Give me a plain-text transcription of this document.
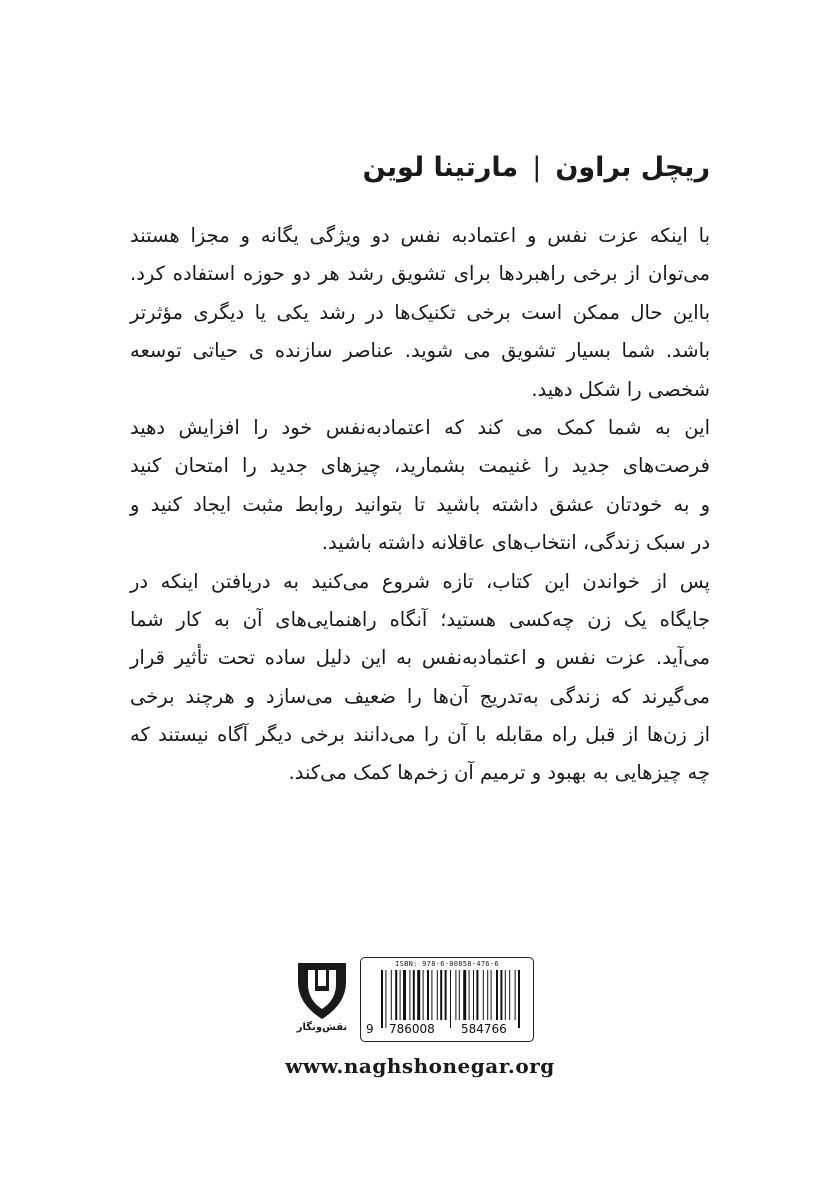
ریچل براون|مارتینا لوین
با اینکه عزت نفس و اعتمادبه نفس دو ویژگی یگانه و مجزا هستند
می‌توان از برخی راهبردها برای تشویق رشد هر دو حوزه استفاده کرد.
بااین حال ممکن است برخی تکنیک‌ها در رشد یکی یا دیگری مؤثرتر
باشد. شما بسیار تشویق می شوید. عناصر سازنده ی حیاتی توسعه
شخصی را شکل دهید.
این به شما کمک می کند که اعتمادبه‌نفس خود را افزایش دهید
فرصت‌های جدید را غنیمت بشمارید، چیزهای جدید را امتحان کنید
و به خودتان عشق داشته باشید تا بتوانید روابط مثبت ایجاد کنید و
در سبک زندگی، انتخاب‌های عاقلانه داشته باشید.
پس از خواندن این کتاب، تازه شروع می‌کنید به دریافتن اینکه در
جایگاه یک زن چه‌کسی هستید؛ آنگاه راهنمایی‌های آن به کار شما
می‌آید. عزت نفس و اعتمادبه‌نفس به این دلیل ساده تحت تأثیر قرار
می‌گیرند که زندگی به‌تدریج آن‌ها را ضعیف می‌سازد و هرچند برخی
از زن‌ها از قبل راه مقابله با آن را می‌دانند برخی دیگر آگاه نیستند که
چه چیزهایی به بهبود و ترمیم آن زخم‌ها کمک می‌کند.
نقش‌ونگار
ISBN: 978-6-00858-476-6
9 786008 584766
www.naghshonegar.org
